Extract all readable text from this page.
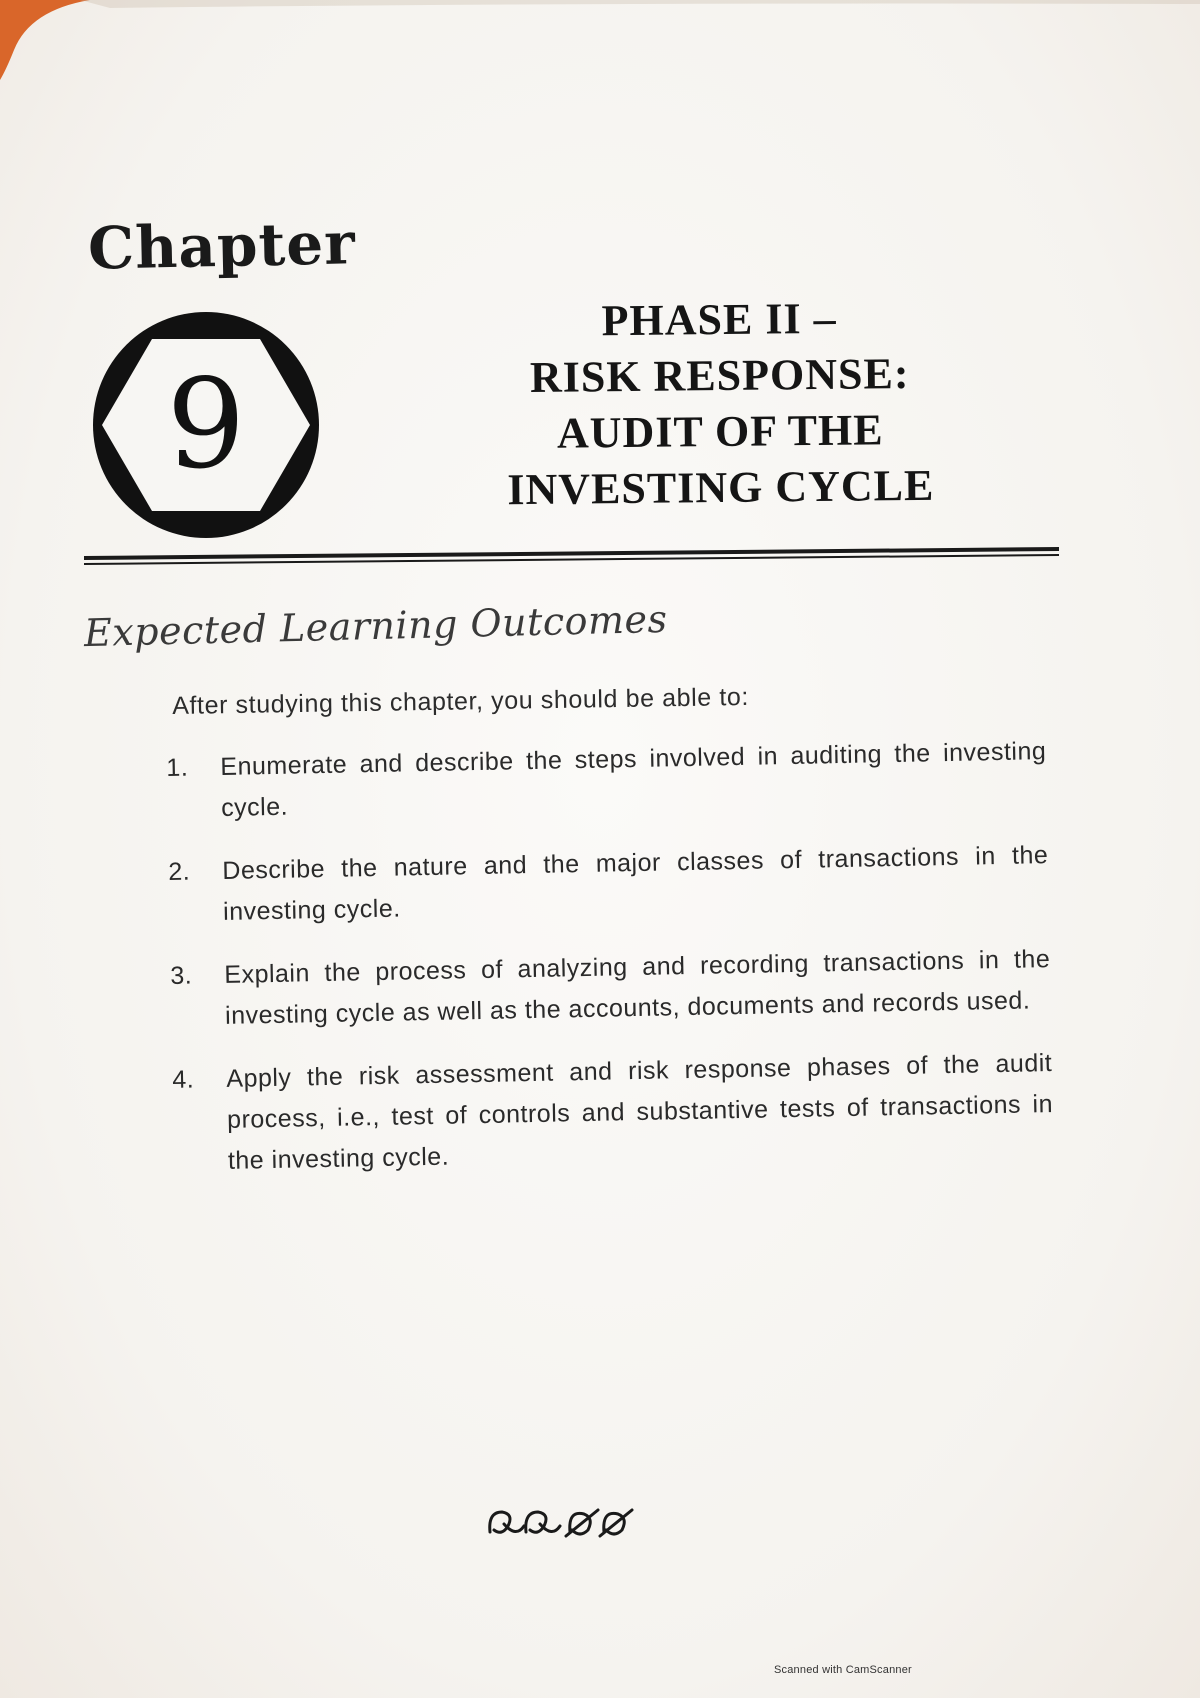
Chapter
9
PHASE II –
RISK RESPONSE:
AUDIT OF THE
INVESTING CYCLE
Expected Learning Outcomes
After studying this chapter, you should be able to:
1.	Enumerate and describe the steps involved in auditing the investing cycle.
2.	Describe the nature and the major classes of transactions in the investing cycle.
3.	Explain the process of analyzing and recording transactions in the investing cycle as well as the accounts, documents and records used.
4.	Apply the risk assessment and risk response phases of the audit process, i.e., test of controls and substantive tests of transactions in the investing cycle.
Scanned with CamScanner
